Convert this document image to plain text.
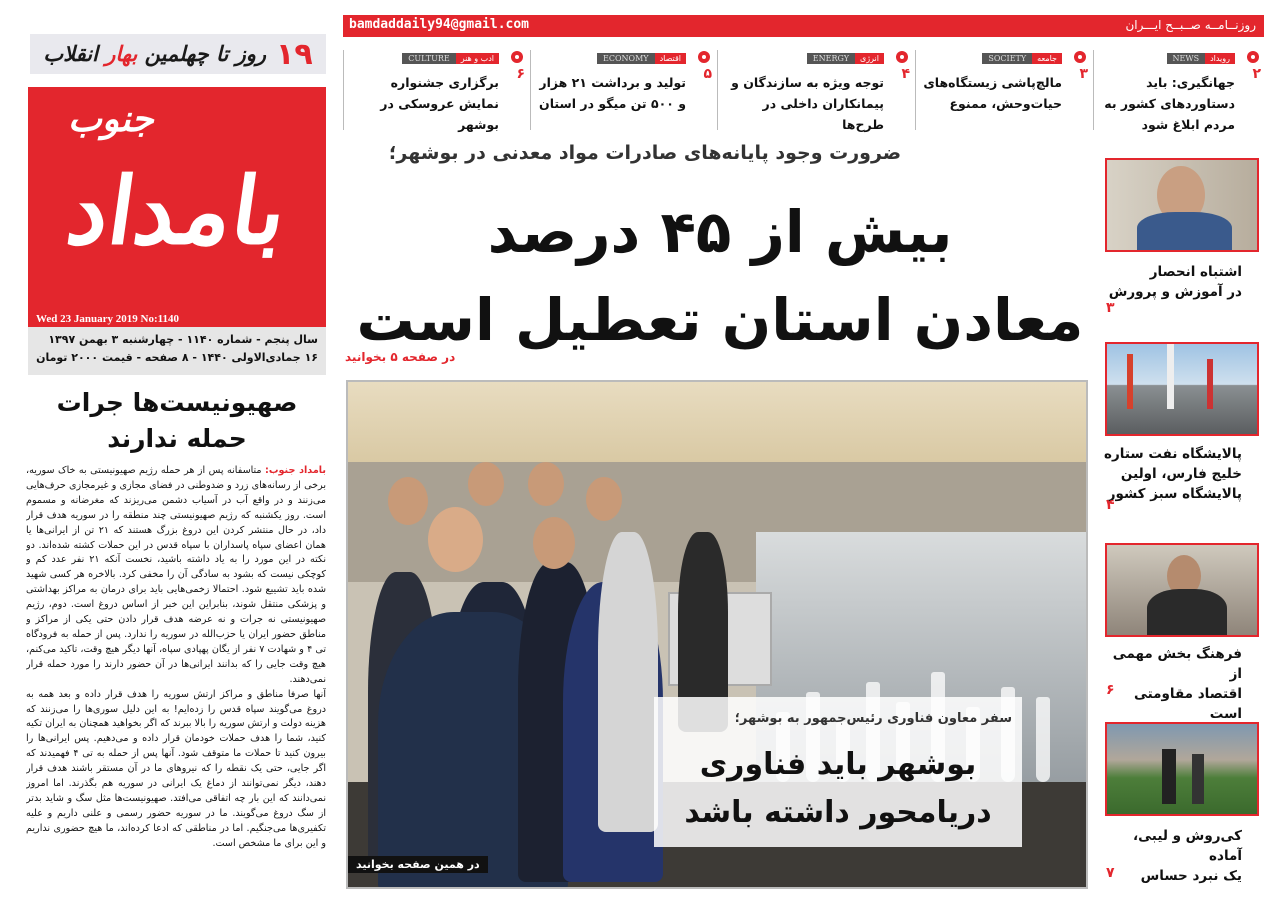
bamdaddaily94@gmail.com	روزنــامــه صــبــح ایـــران
NEWS	رویداد
۲
جهانگیری: باید دستاوردهای کشور به مردم ابلاغ شود
SOCIETY	جامعه
۳
مالچ‌پاشی زیستگاه‌های حیات‌وحش، ممنوع
ENERGY	انرژی
۴
توجه ویژه به سازندگان و پیمانکاران داخلی در طرح‌ها
ECONOMY	اقتصاد
۵
تولید و برداشت ۲۱ هزار و ۵۰۰ تن میگو در استان
CULTURE	ادب و هنر
۶
برگزاری جشنواره نمایش عروسکی در بوشهر
۱۹
روز تا چهلمین بهار انقلاب
جنوب
بامداد
Wed 23 January 2019 No:1140
سال پنجم - شماره ۱۱۴۰ - چهارشنبه ۳ بهمن ۱۳۹۷
۱۶ جمادی‌الاولی ۱۴۴۰ - ۸ صفحه - قیمت ۲۰۰۰ تومان
صهیونیست‌ها جرات
حمله ندارند

بامداد جنوب: متاسفانه پس از هر حمله رژیم صهیونیستی به خاک سوریه، برخی از رسانه‌های زرد و ضدوطنی در فضای مجازی و غیرمجازی حرف‌هایی می‌زنند و در واقع آب در آسیاب دشمن می‌ریزند که مغرضانه و مسموم است. روز یکشنبه که رژیم صهیونیستی چند منطقه را در سوریه هدف قرار داد، در حال منتشر کردن این دروغ بزرگ هستند که ۲۱ تن از ایرانی‌ها یا همان اعضای سپاه پاسداران با سپاه قدس در این حملات کشته شده‌اند. دو نکته در این مورد را به یاد داشته باشید، نخست آنکه ۲۱ نفر عدد کم و کوچکی نیست که بشود به سادگی آن را مخفی کرد. بالاخره هر کسی شهید شده باید تشییع شود. احتمالا زخمی‌هایی باید برای درمان به مراکز بهداشتی و پزشکی منتقل شوند، بنابراین این خبر از اساس دروغ است. دوم، رژیم صهیونیستی نه جرات و نه عرضه هدف قرار دادن حتی یکی از مراکز و مناطق حضور ایران یا حزب‌الله در سوریه را ندارد. پس از حمله به فرودگاه تی ۴ و شهادت ۷ نفر از یگان پهپادی سپاه، آنها دیگر هیچ وقت، تاکید می‌کنم، هیچ وقت جایی را که بدانند ایرانی‌ها در آن حضور دارند را مورد حمله قرار نمی‌دهند.

آنها صرفا مناطق و مراکز ارتش سوریه را هدف قرار داده و بعد همه به دروغ می‌گویند سپاه قدس را زده‌ایم! به این دلیل سوری‌ها را می‌زنند که هزینه دولت و ارتش سوریه را بالا ببرند که اگر بخواهید همچنان به ایران تکیه کنید، شما را هدف حملات خودمان قرار داده و می‌دهیم. پس ایرانی‌ها را بیرون کنید تا حملات ما متوقف شود. آنها پس از حمله به تی ۴ فهمیدند که اگر جایی، حتی یک نقطه را که نیروهای ما در آن مستقر باشند هدف قرار دهند، دیگر نمی‌توانند از دماغ یک ایرانی در سوریه هم بگذرند. اما امروز نمی‌دانند که این بار چه اتفاقی می‌افتد. صهیونیست‌ها مثل سگ و شاید بدتر از سگ دروغ می‌گویند. ما در سوریه حضور رسمی و علنی داریم و علیه تکفیری‌ها می‌جنگیم. اما در مناطقی که ادعا کرده‌اند، ما هیچ حضوری نداریم و این برای ما مشخص است.

ضرورت وجود پایانه‌های صادرات مواد معدنی در بوشهر؛
بیش از ۴۵ درصد
معادن استان تعطیل است
در صفحه ۵ بخوانید
سفر معاون فناوری رئیس‌جمهور به بوشهر؛
بوشهر باید فناوری
دریامحور داشته باشد
در همین صفحه بخوانید
اشتباه انحصار
در آموزش و پرورش
۳
پالایشگاه نفت ستاره
خلیج فارس، اولین
پالایشگاه سبز کشور
۴
فرهنگ بخش مهمی از
اقتصاد مقاومتی است
۶
کی‌روش و لیبی، آماده
یک نبرد حساس
۷
